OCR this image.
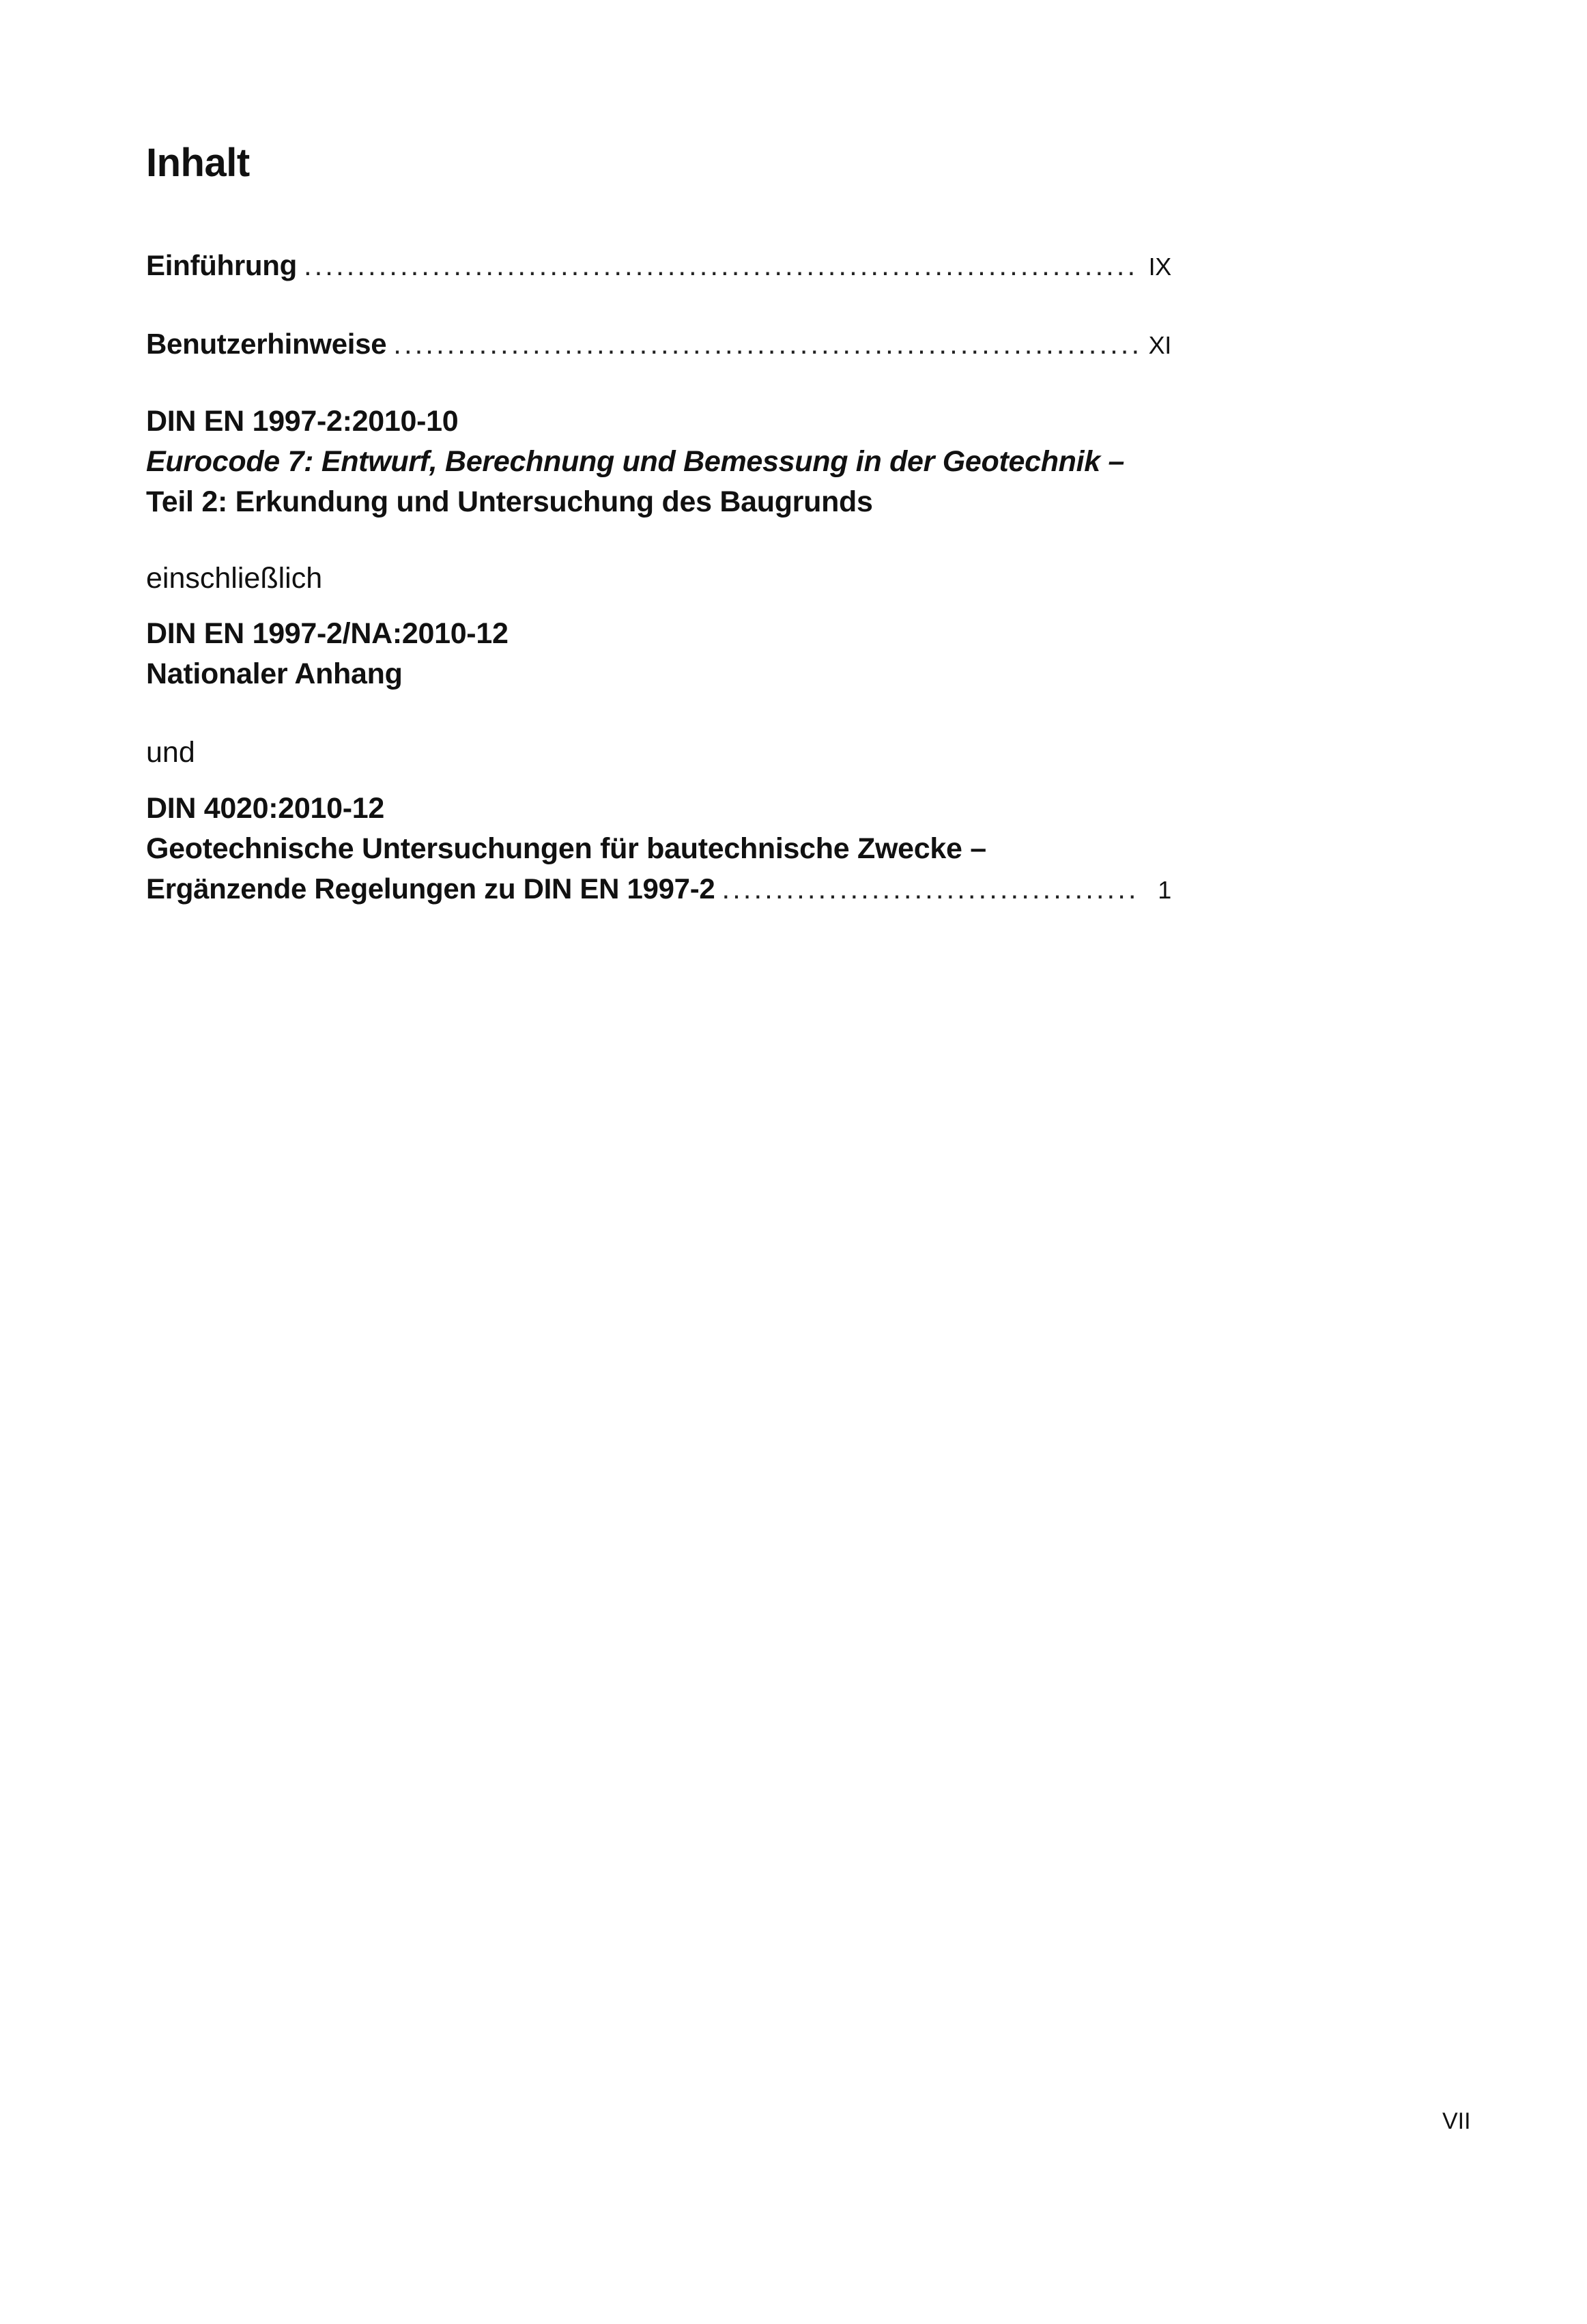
Inhalt
Einführung .....	IX
Benutzerhinweise .....	XI
DIN EN 1997-2:2010-10
Eurocode 7: Entwurf, Berechnung und Bemessung in der Geotechnik –
Teil 2: Erkundung und Untersuchung des Baugrunds
einschließlich
DIN EN 1997-2/NA:2010-12
Nationaler Anhang
und
DIN 4020:2010-12
Geotechnische Untersuchungen für bautechnische Zwecke –
Ergänzende Regelungen zu DIN EN 1997-2 .....	1
VII
